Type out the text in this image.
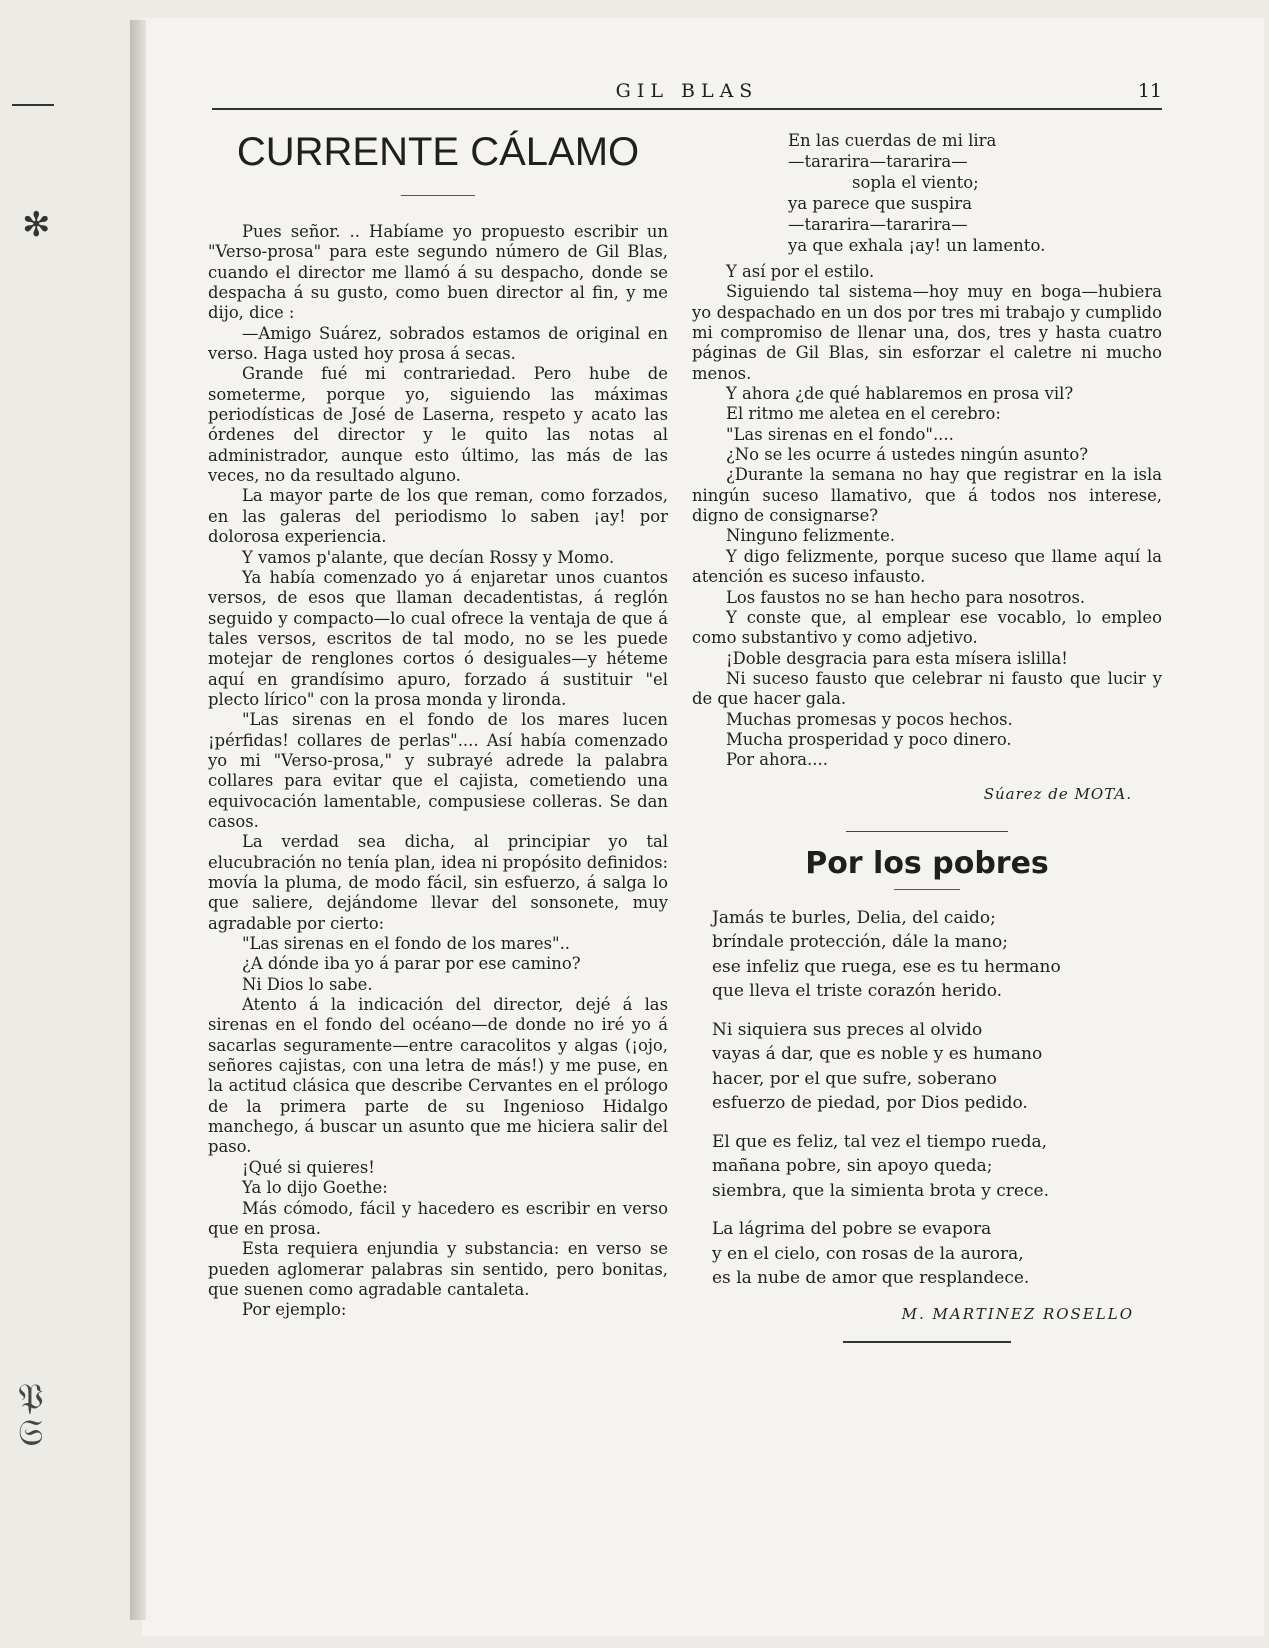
✻
𝔓 𝔖
GIL BLAS	11
CURRENTE CÁLAMO

Pues señor. .. Habíame yo propuesto escribir un "Verso-prosa" para este segundo número de Gil Blas, cuando el director me llamó á su despacho, donde se despacha á su gusto, como buen director al fin, y me dijo, dice :

—Amigo Suárez, sobrados estamos de original en verso. Haga usted hoy prosa á secas.

Grande fué mi contrariedad. Pero hube de someterme, porque yo, siguiendo las máximas periodísticas de José de Laserna, respeto y acato las órdenes del director y le quito las notas al administrador, aunque esto último, las más de las veces, no da resultado alguno.

La mayor parte de los que reman, como forzados, en las galeras del periodismo lo saben ¡ay! por dolorosa experiencia.

Y vamos p'alante, que decían Rossy y Momo.

Ya había comenzado yo á enjaretar unos cuantos versos, de esos que llaman decadentistas, á reglón seguido y compacto—lo cual ofrece la ventaja de que á tales versos, escritos de tal modo, no se les puede motejar de renglones cortos ó desiguales—y héteme aquí en grandísimo apuro, forzado á sustituir "el plecto lírico" con la prosa monda y lironda.

"Las sirenas en el fondo de los mares lucen ¡pérfidas! collares de perlas".... Así había comenzado yo mi "Verso-prosa," y subrayé adrede la palabra collares para evitar que el cajista, cometiendo una equivocación lamentable, compusiese colleras. Se dan casos.

La verdad sea dicha, al principiar yo tal elucubración no tenía plan, idea ni propósito definidos: movía la pluma, de modo fácil, sin esfuerzo, á salga lo que saliere, dejándome llevar del sonsonete, muy agradable por cierto:

"Las sirenas en el fondo de los mares"..

¿A dónde iba yo á parar por ese camino?

Ni Dios lo sabe.

Atento á la indicación del director, dejé á las sirenas en el fondo del océano—de donde no iré yo á sacarlas seguramente—entre caracolitos y algas (¡ojo, señores cajistas, con una letra de más!) y me puse, en la actitud clásica que describe Cervantes en el prólogo de la primera parte de su Ingenioso Hidalgo manchego, á buscar un asunto que me hiciera salir del paso.

¡Qué si quieres!

Ya lo dijo Goethe:

Más cómodo, fácil y hacedero es escribir en verso que en prosa.

Esta requiera enjundia y substancia: en verso se pueden aglomerar palabras sin sentido, pero bonitas, que suenen como agradable cantaleta.

Por ejemplo:

En las cuerdas de mi lira
—tararira—tararira—
sopla el viento;
ya parece que suspira
—tararira—tararira—
ya que exhala ¡ay! un lamento.

Y así por el estilo.

Siguiendo tal sistema—hoy muy en boga—hubiera yo despachado en un dos por tres mi trabajo y cumplido mi compromiso de llenar una, dos, tres y hasta cuatro páginas de Gil Blas, sin esforzar el caletre ni mucho menos.

Y ahora ¿de qué hablaremos en prosa vil?

El ritmo me aletea en el cerebro:

"Las sirenas en el fondo"....

¿No se les ocurre á ustedes ningún asunto?

¿Durante la semana no hay que registrar en la isla ningún suceso llamativo, que á todos nos interese, digno de consignarse?

Ninguno felizmente.

Y digo felizmente, porque suceso que llame aquí la atención es suceso infausto.

Los faustos no se han hecho para nosotros.

Y conste que, al emplear ese vocablo, lo empleo como substantivo y como adjetivo.

¡Doble desgracia para esta mísera islilla!

Ni suceso fausto que celebrar ni fausto que lucir y de que hacer gala.

Muchas promesas y pocos hechos.

Mucha prosperidad y poco dinero.

Por ahora....

Súarez de MOTA.
Por los pobres
Jamás te burles, Delia, del caido;
bríndale protección, dále la mano;
ese infeliz que ruega, ese es tu hermano
que lleva el triste corazón herido.
Ni siquiera sus preces al olvido
vayas á dar, que es noble y es humano
hacer, por el que sufre, soberano
esfuerzo de piedad, por Dios pedido.
El que es feliz, tal vez el tiempo rueda,
mañana pobre, sin apoyo queda;
siembra, que la simienta brota y crece.
La lágrima del pobre se evapora
y en el cielo, con rosas de la aurora,
es la nube de amor que resplandece.
M. MARTINEZ ROSELLO
